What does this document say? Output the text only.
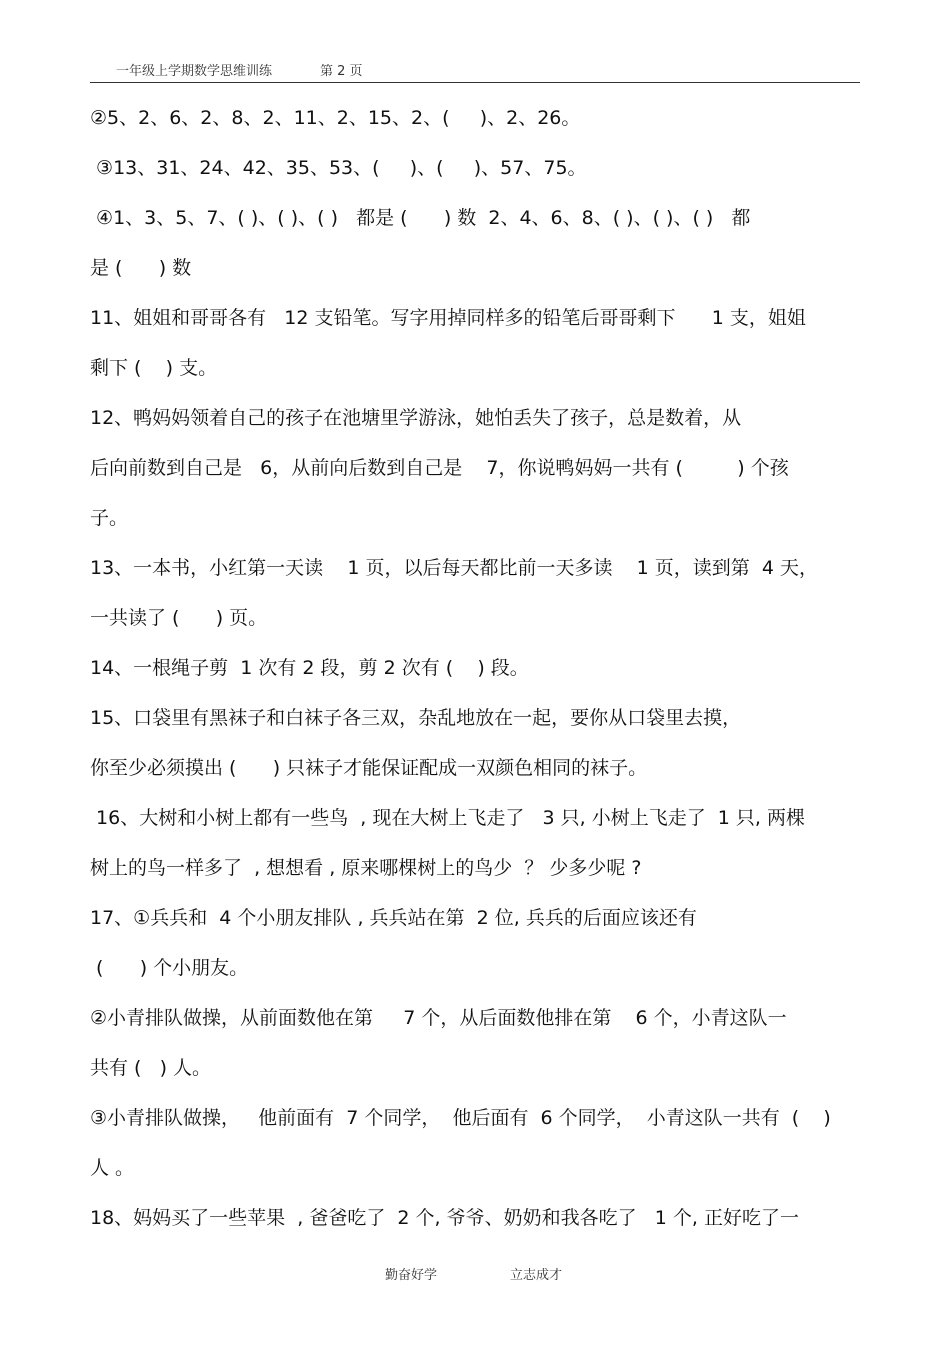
一年级上学期数学思维训练	第 2 页
②5、2、6、2、8、2、11、2、15、2、(     )、2、26。
③13、31、24、42、35、53、(     )、(     )、57、75。
④1、3、5、7、( )、( )、( )   都是 (      ) 数  2、4、6、8、( )、( )、( )   都
是 (      ) 数
11、姐姐和哥哥各有   12 支铅笔。写字用掉同样多的铅笔后哥哥剩下      1 支，姐姐
剩下 (    ) 支。
12、鸭妈妈领着自己的孩子在池塘里学游泳，她怕丢失了孩子，总是数着，从
后向前数到自己是   6，从前向后数到自己是    7，你说鸭妈妈一共有 (         ) 个孩
子。
13、一本书，小红第一天读    1 页，以后每天都比前一天多读    1 页，读到第  4 天，
一共读了 (      ) 页。
14、一根绳子剪  1 次有 2 段，剪 2 次有 (    ) 段。
15、口袋里有黑袜子和白袜子各三双，杂乱地放在一起，要你从口袋里去摸，
你至少必须摸出 (      ) 只袜子才能保证配成一双颜色相同的袜子。
16、大树和小树上都有一些鸟  , 现在大树上飞走了   3 只, 小树上飞走了  1 只, 两棵
树上的鸟一样多了  , 想想看 , 原来哪棵树上的鸟少  ？ 少多少呢 ?
17、①兵兵和  4 个小朋友排队 , 兵兵站在第  2 位, 兵兵的后面应该还有
(      ) 个小朋友。
②小青排队做操，从前面数他在第     7 个，从后面数他排在第    6 个，小青这队一
共有 (   ) 人。
③小青排队做操，   他前面有  7 个同学，  他后面有  6 个同学，  小青这队一共有  (    )
人 。
18、妈妈买了一些苹果  , 爸爸吃了  2 个, 爷爷、奶奶和我各吃了   1 个, 正好吃了一
勤奋好学	立志成才
